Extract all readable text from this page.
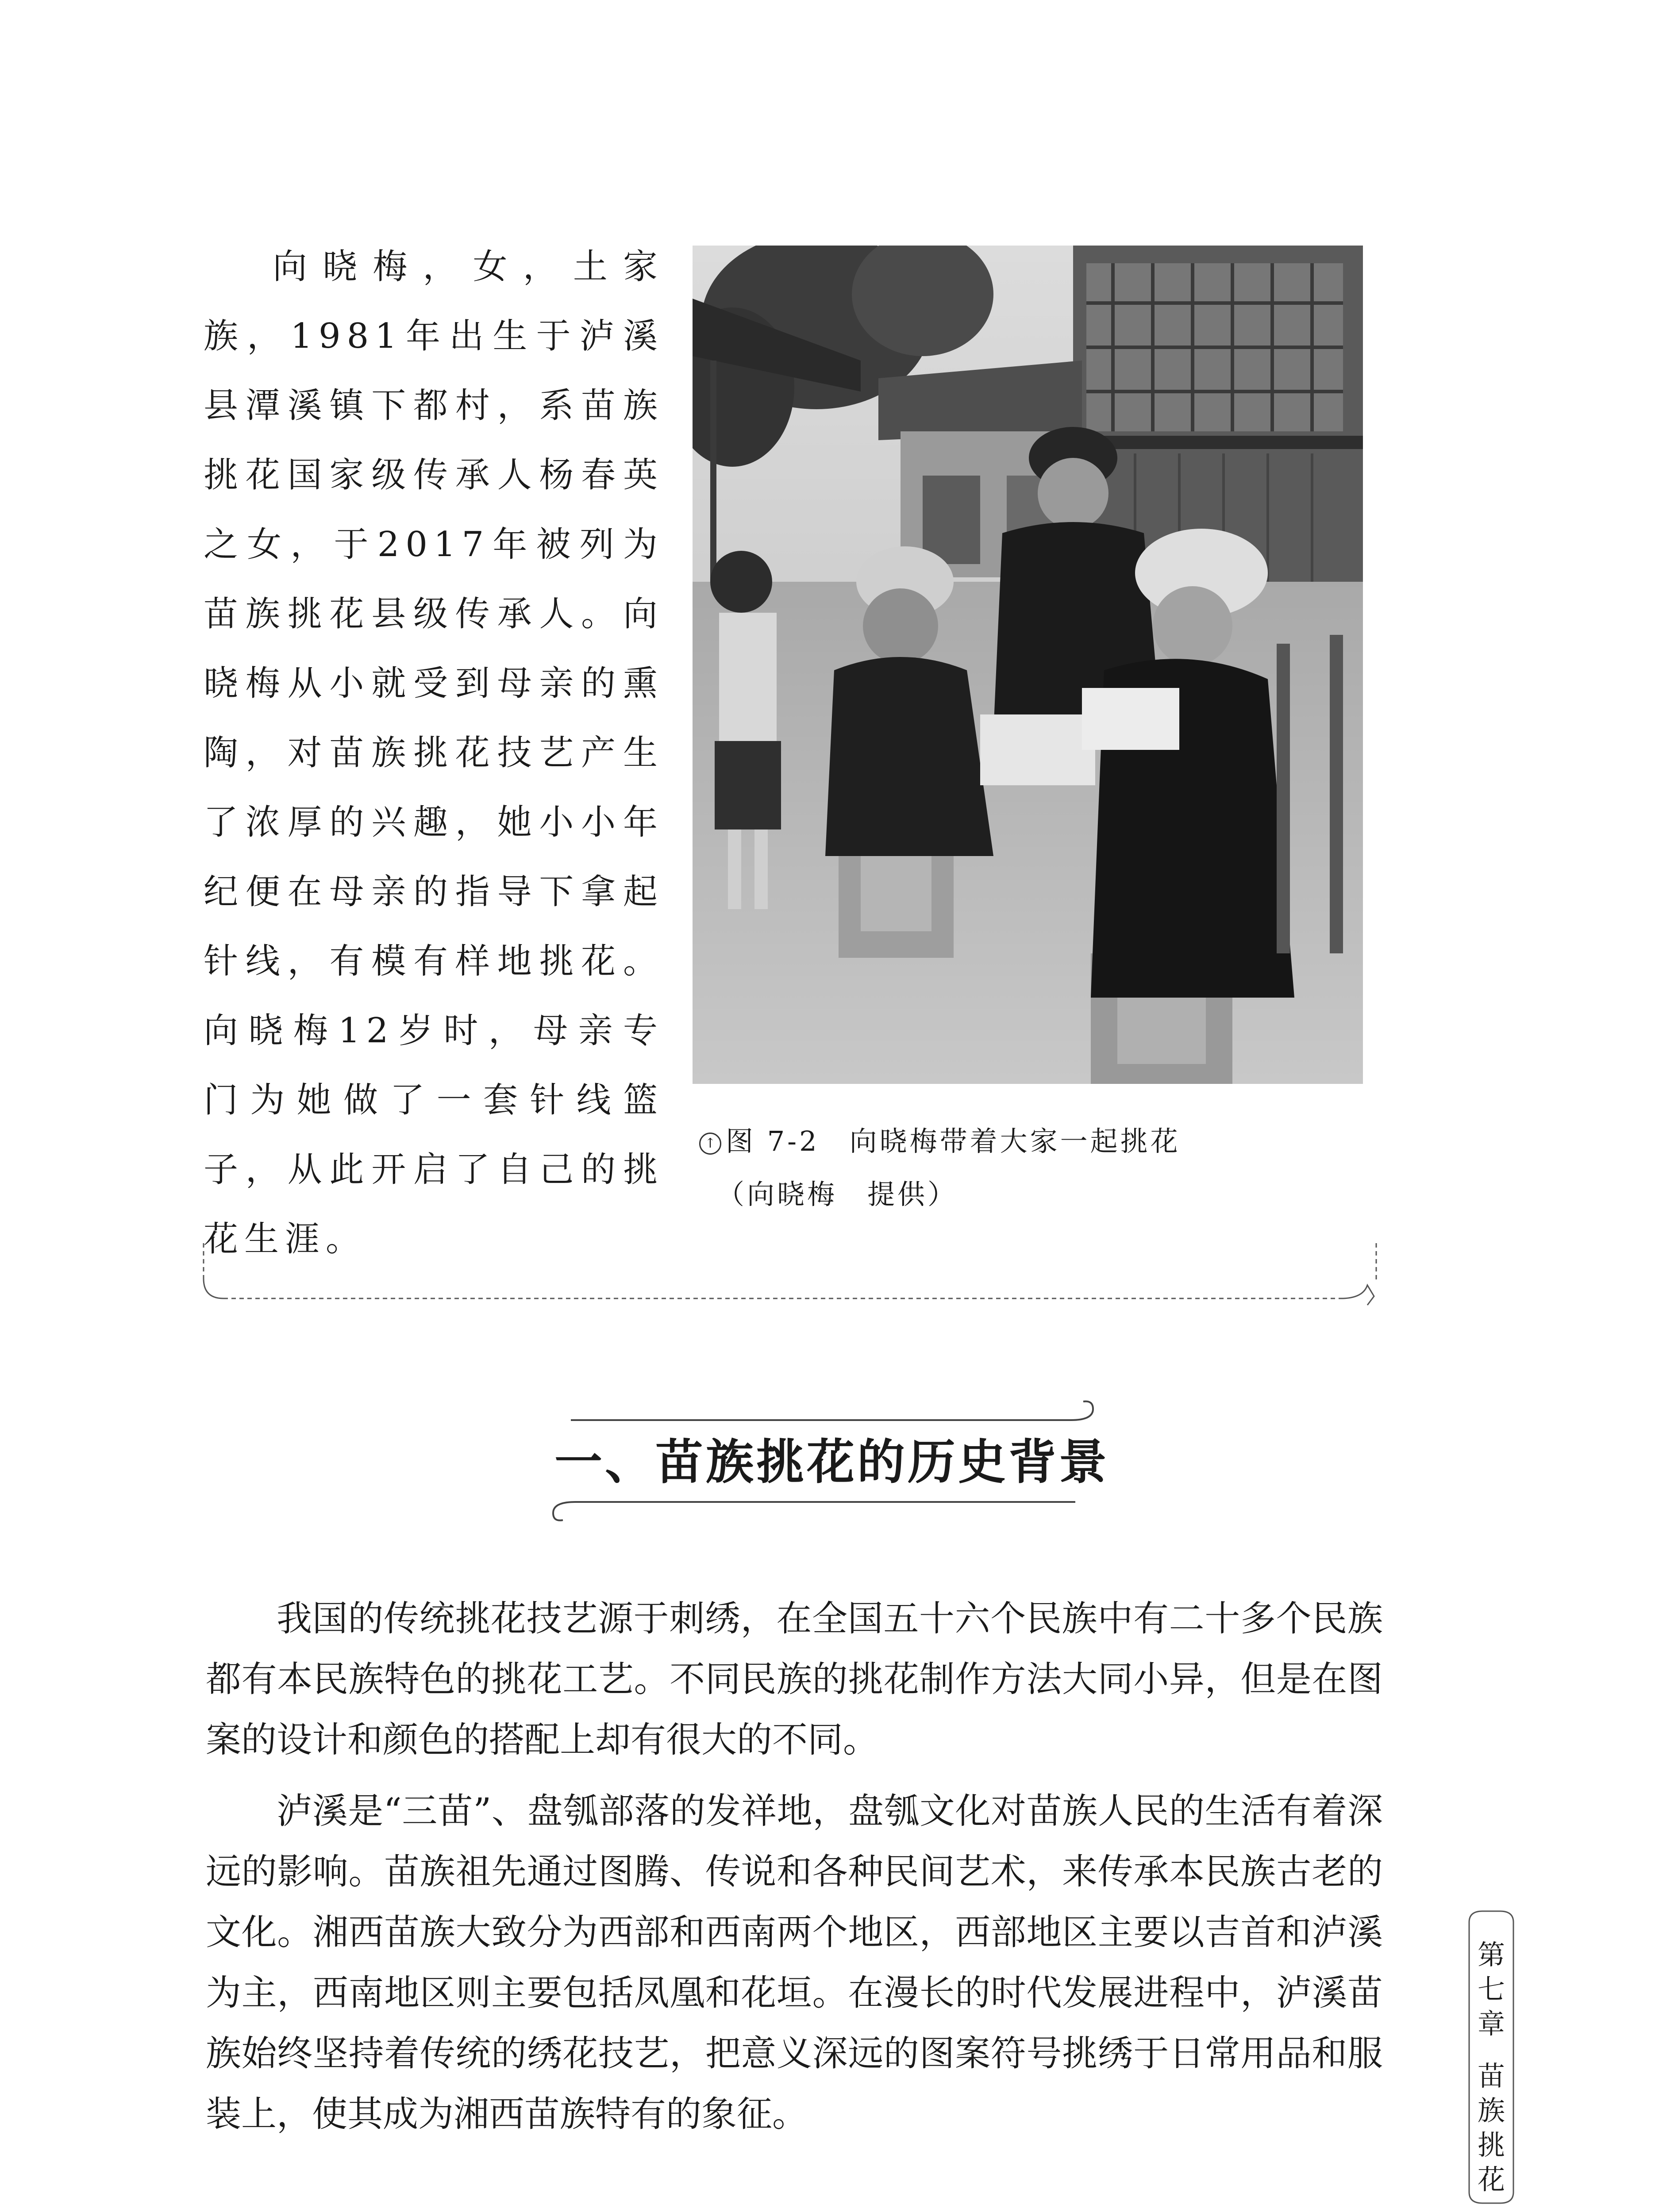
向晓梅，女，土家族，1981年出生于泸溪县潭溪镇下都村，系苗族挑花国家级传承人杨春英之女，于2017年被列为苗族挑花县级传承人。向晓梅从小就受到母亲的熏陶，对苗族挑花技艺产生了浓厚的兴趣，她小小年纪便在母亲的指导下拿起针线，有模有样地挑花。向晓梅12岁时，母亲专门为她做了一套针线篮子，从此开启了自己的挑花生涯。

↑ 图 7-2　 向晓梅带着大家一起挑花
（向晓梅　提供）
一、苗族挑花的历史背景

我国的传统挑花技艺源于刺绣，在全国五十六个民族中有二十多个民族都有本民族特色的挑花工艺。不同民族的挑花制作方法大同小异，但是在图案的设计和颜色的搭配上却有很大的不同。

泸溪是“三苗”、盘瓠部落的发祥地，盘瓠文化对苗族人民的生活有着深远的影响。苗族祖先通过图腾、传说和各种民间艺术，来传承本民族古老的文化。湘西苗族大致分为西部和西南两个地区，西部地区主要以吉首和泸溪为主，西南地区则主要包括凤凰和花垣。在漫长的时代发展进程中，泸溪苗族始终坚持着传统的绣花技艺，把意义深远的图案符号挑绣于日常用品和服装上，使其成为湘西苗族特有的象征。

第七章
苗族挑花
